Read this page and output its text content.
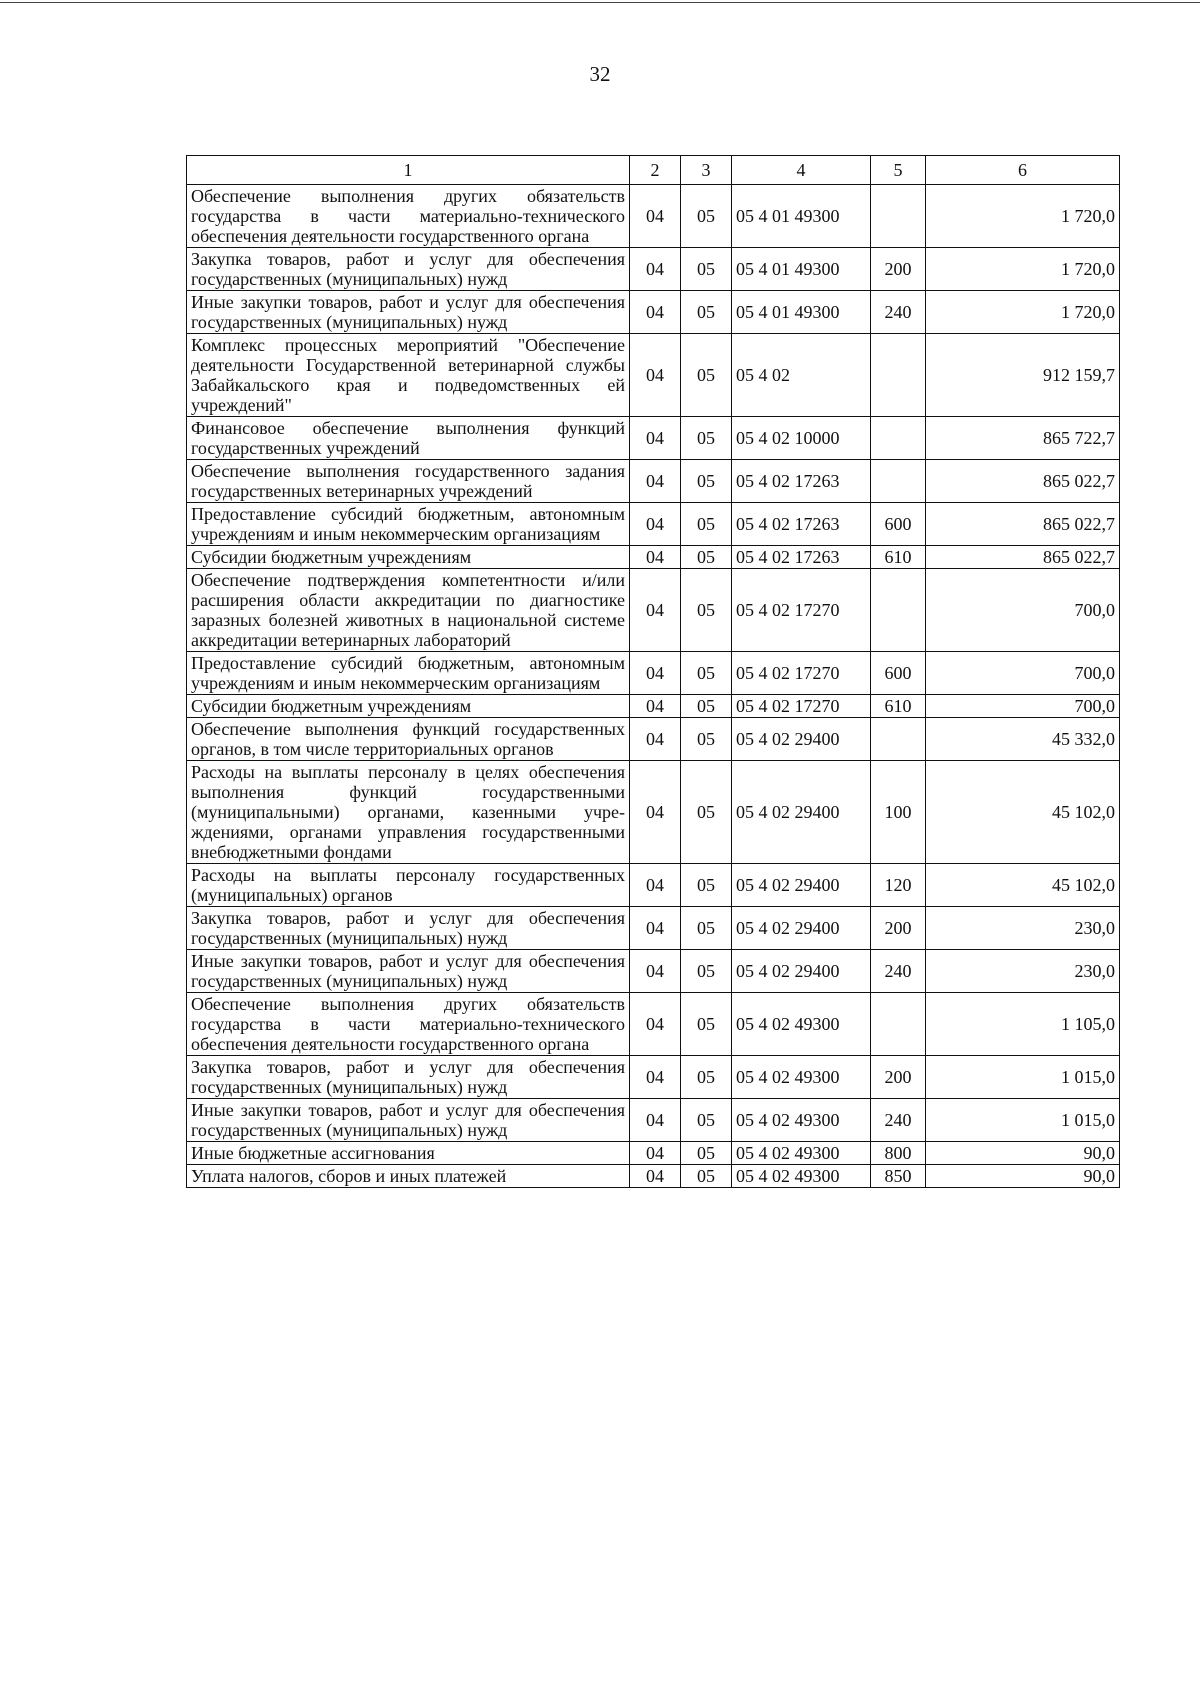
32
1	2	3	4	5	6
Обеспечение выполнения других обязательств государства в части материально-технического обеспечения деятельности государственного органа	04	05	05 4 01 49300		1 720,0
Закупка товаров, работ и услуг для обеспечения государственных (муниципальных) нужд	04	05	05 4 01 49300	200	1 720,0
Иные закупки товаров, работ и услуг для обеспечения государственных (муниципальных) нужд	04	05	05 4 01 49300	240	1 720,0
Комплекс процессных мероприятий "Обеспечение деятельности Государственной ветеринарной службы Забайкальского края и подведомственных ей учреждений"	04	05	05 4 02		912 159,7
Финансовое обеспечение выполнения функций государственных учреждений	04	05	05 4 02 10000		865 722,7
Обеспечение выполнения государственного задания государственных ветеринарных учреждений	04	05	05 4 02 17263		865 022,7
Предоставление субсидий бюджетным, автономным учреждениям и иным некоммерческим организациям	04	05	05 4 02 17263	600	865 022,7
Субсидии бюджетным учреждениям	04	05	05 4 02 17263	610	865 022,7
Обеспечение подтверждения компетентности и/или расширения области аккредитации по диагностике заразных болезней животных в национальной системе аккредитации ветеринарных лабораторий	04	05	05 4 02 17270		700,0
Предоставление субсидий бюджетным, автономным учреждениям и иным некоммерческим организациям	04	05	05 4 02 17270	600	700,0
Субсидии бюджетным учреждениям	04	05	05 4 02 17270	610	700,0
Обеспечение выполнения функций государственных органов, в том числе территориальных органов	04	05	05 4 02 29400		45 332,0
Расходы на выплаты персоналу в целях обеспечения выполнения функций государственными (муниципальными) органами, казенными учреждениями, органами управления государственными внебюджетными фондами	04	05	05 4 02 29400	100	45 102,0
Расходы на выплаты персоналу государственных (муниципальных) органов	04	05	05 4 02 29400	120	45 102,0
Закупка товаров, работ и услуг для обеспечения государственных (муниципальных) нужд	04	05	05 4 02 29400	200	230,0
Иные закупки товаров, работ и услуг для обеспечения государственных (муниципальных) нужд	04	05	05 4 02 29400	240	230,0
Обеспечение выполнения других обязательств государства в части материально-технического обеспечения деятельности государственного органа	04	05	05 4 02 49300		1 105,0
Закупка товаров, работ и услуг для обеспечения государственных (муниципальных) нужд	04	05	05 4 02 49300	200	1 015,0
Иные закупки товаров, работ и услуг для обеспечения государственных (муниципальных) нужд	04	05	05 4 02 49300	240	1 015,0
Иные бюджетные ассигнования	04	05	05 4 02 49300	800	90,0
Уплата налогов, сборов и иных платежей	04	05	05 4 02 49300	850	90,0
